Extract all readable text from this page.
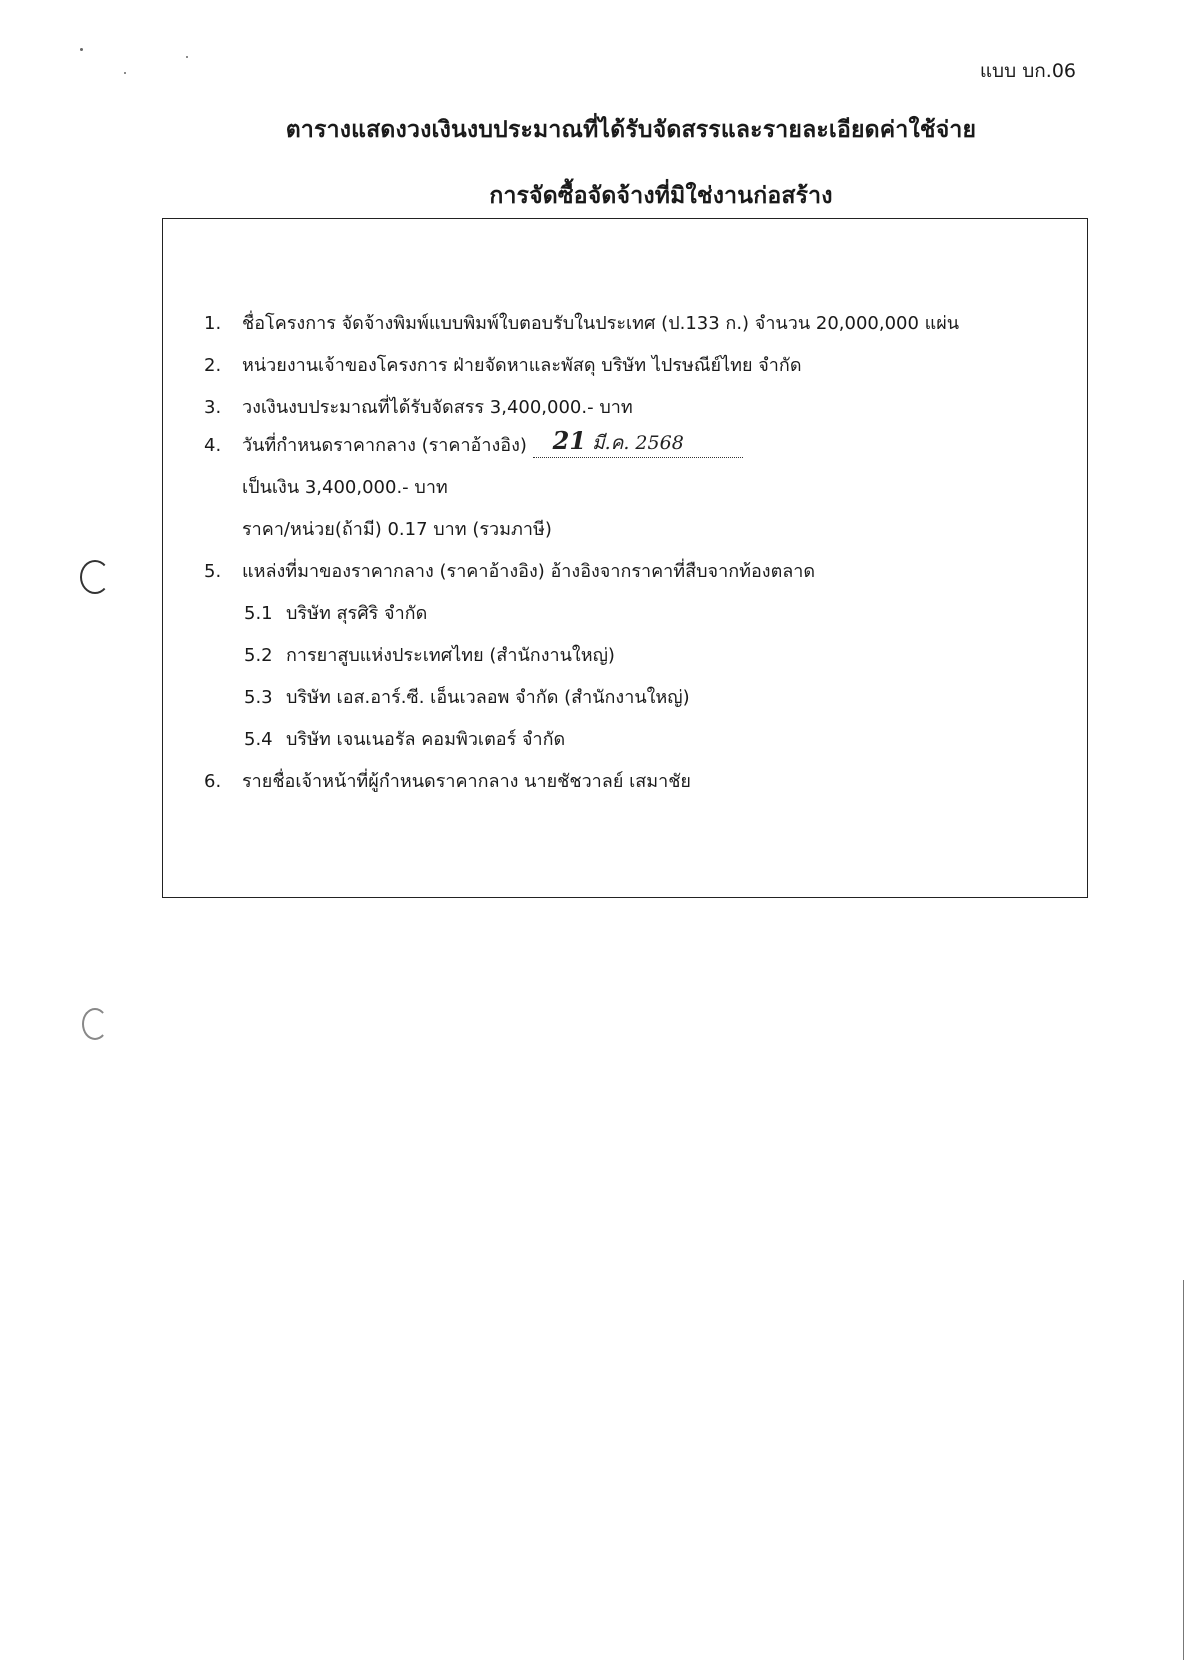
แบบ บก.06
ตารางแสดงวงเงินงบประมาณที่ได้รับจัดสรรและรายละเอียดค่าใช้จ่าย
การจัดซื้อจัดจ้างที่มิใช่งานก่อสร้าง
1. ชื่อโครงการ จัดจ้างพิมพ์แบบพิมพ์ใบตอบรับในประเทศ (ป.133 ก.) จำนวน 20,000,000 แผ่น
2. หน่วยงานเจ้าของโครงการ ฝ่ายจัดหาและพัสดุ บริษัท ไปรษณีย์ไทย จำกัด
3. วงเงินงบประมาณที่ได้รับจัดสรร 3,400,000.- บาท
4. วันที่กำหนดราคากลาง (ราคาอ้างอิง) 21 มี.ค. 2568
เป็นเงิน 3,400,000.- บาท
ราคา/หน่วย(ถ้ามี) 0.17 บาท (รวมภาษี)
5. แหล่งที่มาของราคากลาง (ราคาอ้างอิง) อ้างอิงจากราคาที่สืบจากท้องตลาด
5.1 บริษัท สุรศิริ จำกัด
5.2 การยาสูบแห่งประเทศไทย (สำนักงานใหญ่)
5.3 บริษัท เอส.อาร์.ซี. เอ็นเวลอพ จำกัด (สำนักงานใหญ่)
5.4 บริษัท เจนเนอรัล คอมพิวเตอร์ จำกัด
6. รายชื่อเจ้าหน้าที่ผู้กำหนดราคากลาง นายชัชวาลย์ เสมาชัย
